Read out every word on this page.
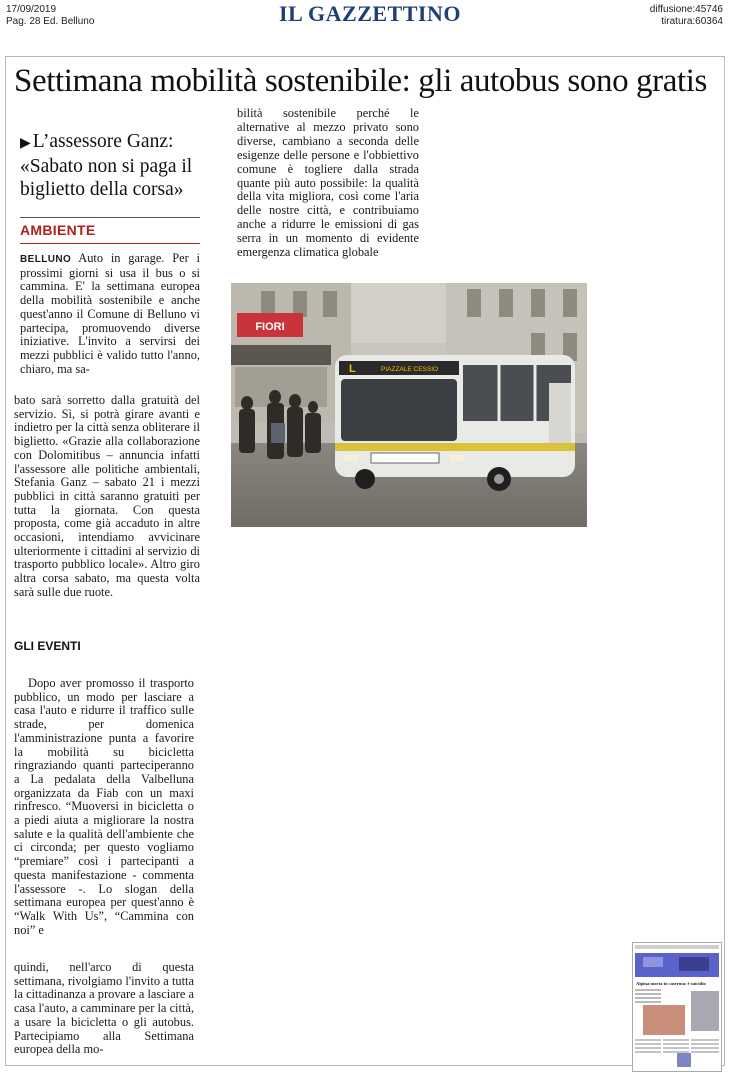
17/09/2019
Pag. 28 Ed. Belluno	IL GAZZETTINO	diffusione:45746
tiratura:60364
Settimana mobilità sostenibile: gli autobus sono gratis
▶ L’assessore Ganz: «Sabato non si paga il biglietto della corsa»
AMBIENTE

BELLUNO Auto in garage. Per i prossimi giorni si usa il bus o si cammina. E' la settimana europea della mobilità sostenibile e anche quest'anno il Comune di Belluno vi partecipa, promuovendo diverse iniziative. L'invito a servirsi dei mezzi pubblici è valido tutto l'anno, chiaro, ma sa-

bato sarà sorretto dalla gratuità del servizio. Sì, si potrà girare avanti e indietro per la città senza obliterare il biglietto. «Grazie alla collaborazione con Dolomitibus – annuncia infatti l'assessore alle politiche ambientali, Stefania Ganz – sabato 21 i mezzi pubblici in città saranno gratuiti per tutta la giornata. Con questa proposta, come già accaduto in altre occasioni, intendiamo avvicinare ulteriormente i cittadini al servizio di trasporto pubblico locale». Altro giro altra corsa sabato, ma questa volta sarà sulle due ruote.

GLI EVENTI

Dopo aver promosso il trasporto pubblico, un modo per lasciare a casa l'auto e ridurre il traffico sulle strade, per domenica l'amministrazione punta a favorire la mobilità su bicicletta ringraziando quanti parteciperanno a La pedalata della Valbelluna organizzata da Fiab con un maxi rinfresco. “Muoversi in bicicletta o a piedi aiuta a migliorare la nostra salute e la qualità dell'ambiente che ci circonda; per questo vogliamo “premiare” così i partecipanti a questa manifestazione - commenta l'assessore -. Lo slogan della settimana europea per quest'anno è “Walk With Us”, “Cammina con noi” e

quindi, nell'arco di questa settimana, rivolgiamo l'invito a tutta la cittadinanza a provare a lasciare a casa l'auto, a camminare per la città, a usare la bicicletta o gli autobus. Partecipiamo alla Settimana europea della mo-

bilità sostenibile perché le alternative al mezzo privato sono diverse, cambiano a seconda delle esigenze delle persone e l'obbiettivo comune è togliere dalla strada quante più auto possibile: la qualità della vita migliora, così come l'aria delle nostre città, e contribuiamo anche a ridurre le emissioni di gas serra in un momento di evidente emergenza climatica globale

FIORI
L	PIAZZALE CESSIO
Alpina morta in caserma: è suicidio
